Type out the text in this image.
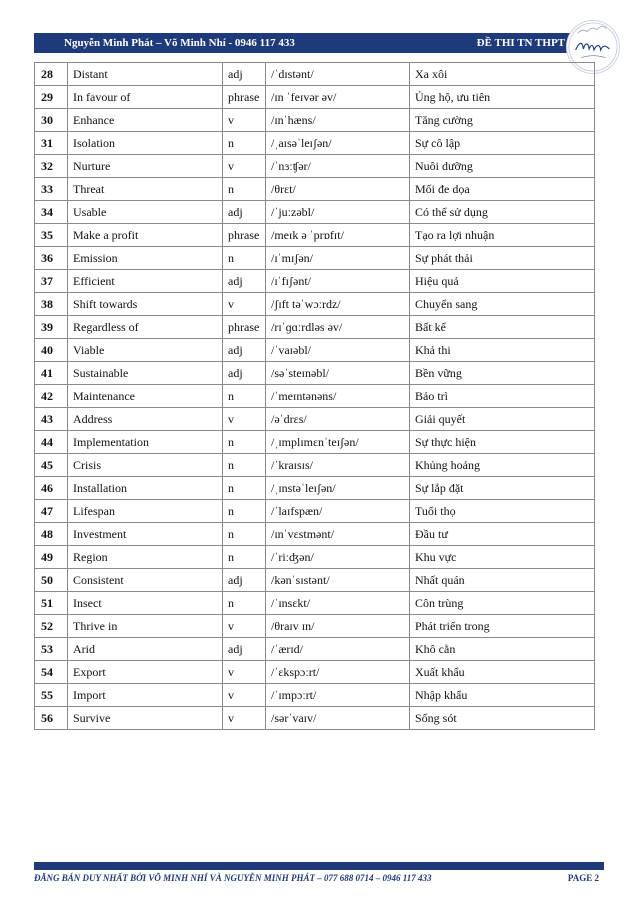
Nguyễn Minh Phát – Võ Minh Nhí - 0946 117 433	ĐỀ THI TN THPT
28	Distant	adj	/ˈdɪstənt/	Xa xôi
29	In favour of	phrase	/ɪn ˈfeɪvər əv/	Ủng hộ, ưu tiên
30	Enhance	v	/ɪnˈhæns/	Tăng cường
31	Isolation	n	/ˌaɪsəˈleɪʃən/	Sự cô lập
32	Nurture	v	/ˈnɜːʧər/	Nuôi dưỡng
33	Threat	n	/θrɛt/	Mối đe dọa
34	Usable	adj	/ˈjuːzəbl/	Có thể sử dụng
35	Make a profit	phrase	/meɪk ə ˈprɒfɪt/	Tạo ra lợi nhuận
36	Emission	n	/ɪˈmɪʃən/	Sự phát thải
37	Efficient	adj	/ɪˈfɪʃənt/	Hiệu quả
38	Shift towards	v	/ʃɪft təˈwɔːrdz/	Chuyển sang
39	Regardless of	phrase	/rɪˈɡɑːrdləs əv/	Bất kể
40	Viable	adj	/ˈvaɪəbl/	Khả thi
41	Sustainable	adj	/səˈsteɪnəbl/	Bền vững
42	Maintenance	n	/ˈmeɪntənəns/	Bảo trì
43	Address	v	/əˈdrɛs/	Giải quyết
44	Implementation	n	/ˌɪmplɪmɛnˈteɪʃən/	Sự thực hiện
45	Crisis	n	/ˈkraɪsɪs/	Khủng hoảng
46	Installation	n	/ˌɪnstəˈleɪʃən/	Sự lắp đặt
47	Lifespan	n	/ˈlaɪfspæn/	Tuổi thọ
48	Investment	n	/ɪnˈvɛstmənt/	Đầu tư
49	Region	n	/ˈriːʤən/	Khu vực
50	Consistent	adj	/kənˈsɪstənt/	Nhất quán
51	Insect	n	/ˈɪnsɛkt/	Côn trùng
52	Thrive in	v	/θraɪv ɪn/	Phát triển trong
53	Arid	adj	/ˈærɪd/	Khô cằn
54	Export	v	/ˈɛkspɔːrt/	Xuất khẩu
55	Import	v	/ˈɪmpɔːrt/	Nhập khẩu
56	Survive	v	/sərˈvaɪv/	Sống sót
ĐĂNG BÁN DUY NHẤT BỞI VÕ MINH NHÍ VÀ NGUYỄN MINH PHÁT – 077 688 0714 – 0946 117 433	PAGE 2
